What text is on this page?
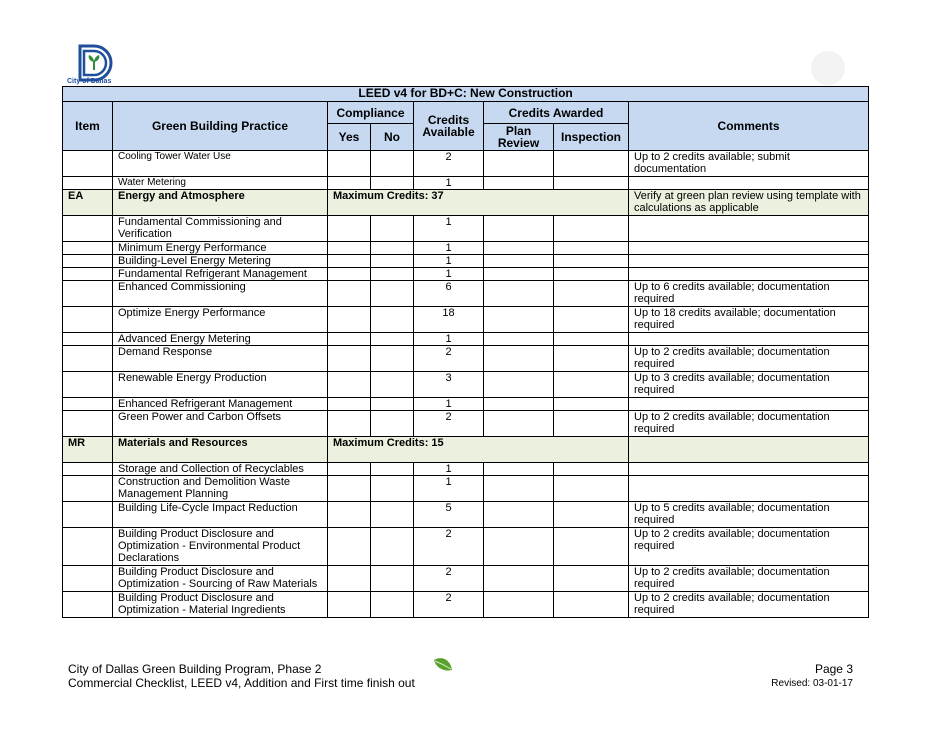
City of Dallas
LEED v4 for BD+C: New Construction							
Item	Green Building Practice	Compliance		Credits Available	Credits Awarded		Comments
		Yes	No		Plan Review	Inspection	
	Cooling Tower Water Use			2			Up to 2 credits available; submit documentation
	Water Metering			1			
EA	Energy and Atmosphere	Maximum Credits: 37					Verify at green plan review using template with calculations as applicable
	Fundamental Commissioning and Verification			1			
	Minimum Energy Performance			1			
	Building-Level Energy Metering			1			
	Fundamental Refrigerant Management			1			
	Enhanced Commissioning			6			Up to 6 credits available; documentation required
	Optimize Energy Performance			18			Up to 18 credits available; documentation required
	Advanced Energy Metering			1			
	Demand Response			2			Up to 2 credits available; documentation required
	Renewable Energy Production			3			Up to 3 credits available; documentation required
	Enhanced Refrigerant Management			1			
	Green Power and Carbon Offsets			2			Up to 2 credits available; documentation required
MR	Materials and Resources	Maximum Credits: 15					
	Storage and Collection of Recyclables			1			
	Construction and Demolition Waste Management Planning			1			
	Building Life-Cycle Impact Reduction			5			Up to 5 credits available; documentation required
	Building Product Disclosure and Optimization - Environmental Product Declarations			2			Up to 2 credits available; documentation required
	Building Product Disclosure and Optimization - Sourcing of Raw Materials			2			Up to 2 credits available; documentation required
	Building Product Disclosure and Optimization - Material Ingredients			2			Up to 2 credits available; documentation required
City of Dallas Green Building Program, Phase 2
Commercial Checklist, LEED v4, Addition and First time finish out
Page 3
Revised: 03-01-17
